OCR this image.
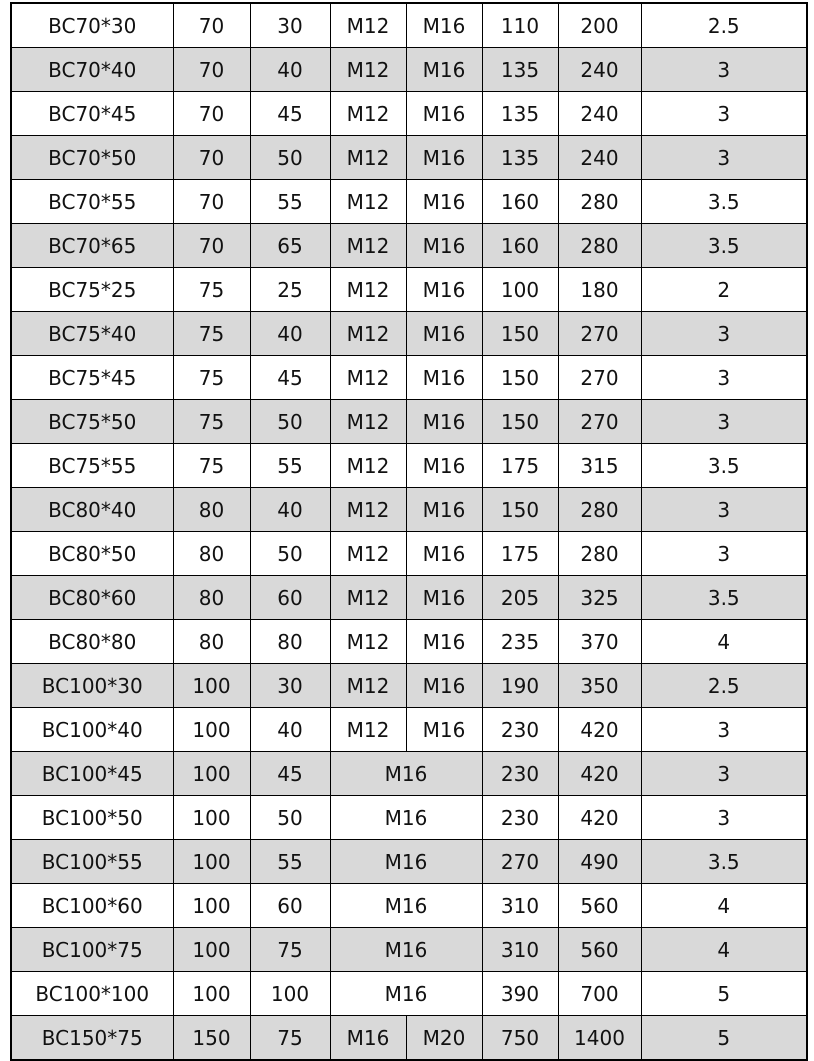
BC70*30	70	30	M12	M16	110	200	2.5
BC70*40	70	40	M12	M16	135	240	3
BC70*45	70	45	M12	M16	135	240	3
BC70*50	70	50	M12	M16	135	240	3
BC70*55	70	55	M12	M16	160	280	3.5
BC70*65	70	65	M12	M16	160	280	3.5
BC75*25	75	25	M12	M16	100	180	2
BC75*40	75	40	M12	M16	150	270	3
BC75*45	75	45	M12	M16	150	270	3
BC75*50	75	50	M12	M16	150	270	3
BC75*55	75	55	M12	M16	175	315	3.5
BC80*40	80	40	M12	M16	150	280	3
BC80*50	80	50	M12	M16	175	280	3
BC80*60	80	60	M12	M16	205	325	3.5
BC80*80	80	80	M12	M16	235	370	4
BC100*30	100	30	M12	M16	190	350	2.5
BC100*40	100	40	M12	M16	230	420	3
BC100*45	100	45	M16		230	420	3
BC100*50	100	50	M16		230	420	3
BC100*55	100	55	M16		270	490	3.5
BC100*60	100	60	M16		310	560	4
BC100*75	100	75	M16		310	560	4
BC100*100	100	100	M16		390	700	5
BC150*75	150	75	M16	M20	750	1400	5
